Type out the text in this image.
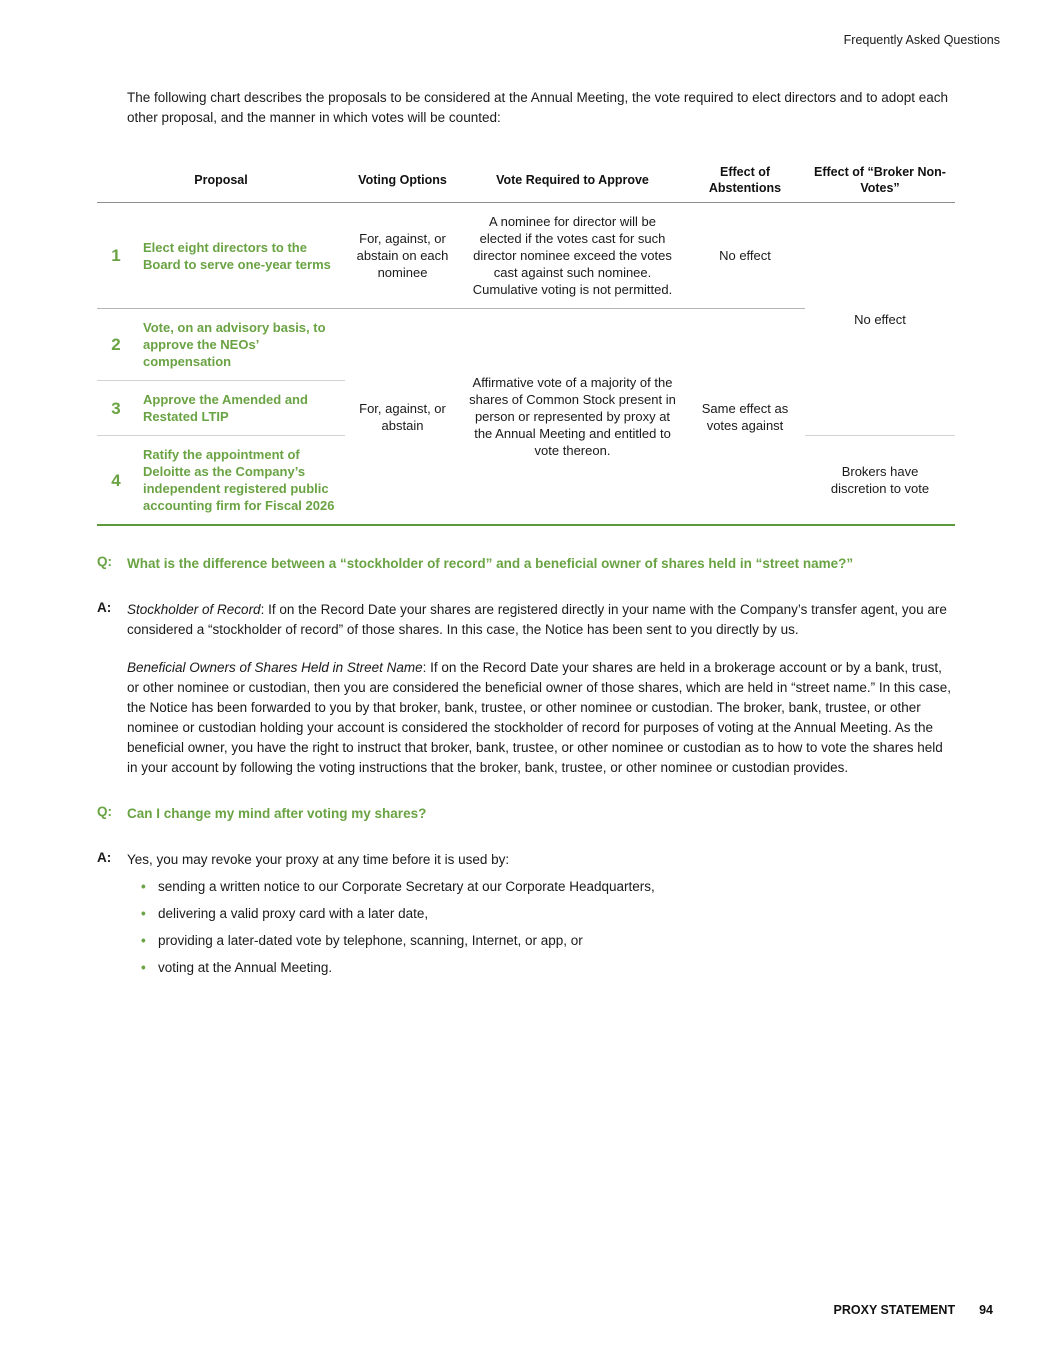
Frequently Asked Questions

The following chart describes the proposals to be considered at the Annual Meeting, the vote required to elect directors and to adopt each other proposal, and the manner in which votes will be counted:

Proposal		Voting Options	Vote Required to Approve	Effect of Abstentions	Effect of “Broker Non-Votes”
1	Elect eight directors to the Board to serve one-year terms	For, against, or abstain on each nominee	A nominee for director will be elected if the votes cast for such director nominee exceed the votes cast against such nominee. Cumulative voting is not permitted.	No effect	No effect
2	Vote, on an advisory basis, to approve the NEOs’ compensation	For, against, or abstain	Affirmative vote of a majority of the shares of Common Stock present in person or represented by proxy at the Annual Meeting and entitled to vote thereon.	Same effect as votes against	
3	Approve the Amended and Restated LTIP				
4	Ratify the appointment of Deloitte as the Company’s independent registered public accounting firm for Fiscal 2026				Brokers have discretion to vote
Q:	What is the difference between a “stockholder of record” and a beneficial owner of shares held in “street name?”
A:	Stockholder of Record: If on the Record Date your shares are registered directly in your name with the Company’s transfer agent, you are considered a “stockholder of record” of those shares. In this case, the Notice has been sent to you directly by us.

Beneficial Owners of Shares Held in Street Name: If on the Record Date your shares are held in a brokerage account or by a bank, trust, or other nominee or custodian, then you are considered the beneficial owner of those shares, which are held in “street name.” In this case, the Notice has been forwarded to you by that broker, bank, trustee, or other nominee or custodian. The broker, bank, trustee, or other nominee or custodian holding your account is considered the stockholder of record for purposes of voting at the Annual Meeting. As the beneficial owner, you have the right to instruct that broker, bank, trustee, or other nominee or custodian as to how to vote the shares held in your account by following the voting instructions that the broker, bank, trustee, or other nominee or custodian provides.

Q:	Can I change my mind after voting my shares?
A:	Yes, you may revoke your proxy at any time before it is used by:

• sending a written notice to our Corporate Secretary at our Corporate Headquarters,
• delivering a valid proxy card with a later date,
• providing a later-dated vote by telephone, scanning, Internet, or app, or
• voting at the Annual Meeting.
PROXY STATEMENT 94
